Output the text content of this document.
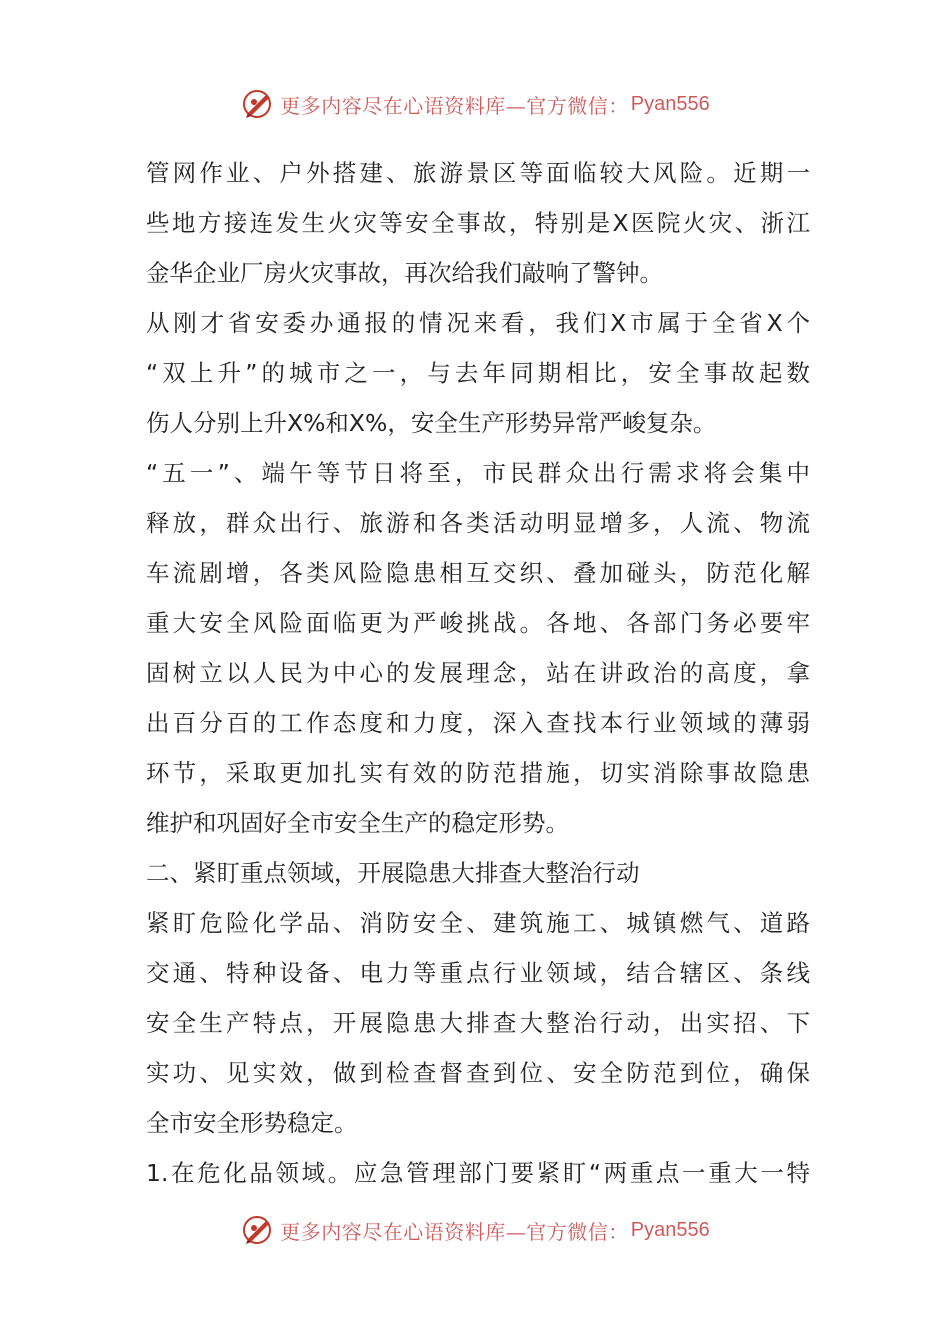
更多内容尽在心语资料库—官方微信： Pyan556
管网作业、户外搭建、旅游景区等面临较大风险。近期一
些地方接连发生火灾等安全事故，特别是X医院火灾、浙江
金华企业厂房火灾事故，再次给我们敲响了警钟。
从刚才省安委办通报的情况来看，我们X市属于全省X个
“双上升”的城市之一，与去年同期相比，安全事故起数
伤人分别上升X%和X%，安全生产形势异常严峻复杂。
“五一”、端午等节日将至，市民群众出行需求将会集中
释放，群众出行、旅游和各类活动明显增多，人流、物流
车流剧增，各类风险隐患相互交织、叠加碰头，防范化解
重大安全风险面临更为严峻挑战。各地、各部门务必要牢
固树立以人民为中心的发展理念，站在讲政治的高度，拿
出百分百的工作态度和力度，深入查找本行业领域的薄弱
环节，采取更加扎实有效的防范措施，切实消除事故隐患
维护和巩固好全市安全生产的稳定形势。
二、紧盯重点领域，开展隐患大排查大整治行动
紧盯危险化学品、消防安全、建筑施工、城镇燃气、道路
交通、特种设备、电力等重点行业领域，结合辖区、条线
安全生产特点，开展隐患大排查大整治行动，出实招、下
实功、见实效，做到检查督查到位、安全防范到位，确保
全市安全形势稳定。
1.在危化品领域。应急管理部门要紧盯“两重点一重大一特
更多内容尽在心语资料库—官方微信： Pyan556
